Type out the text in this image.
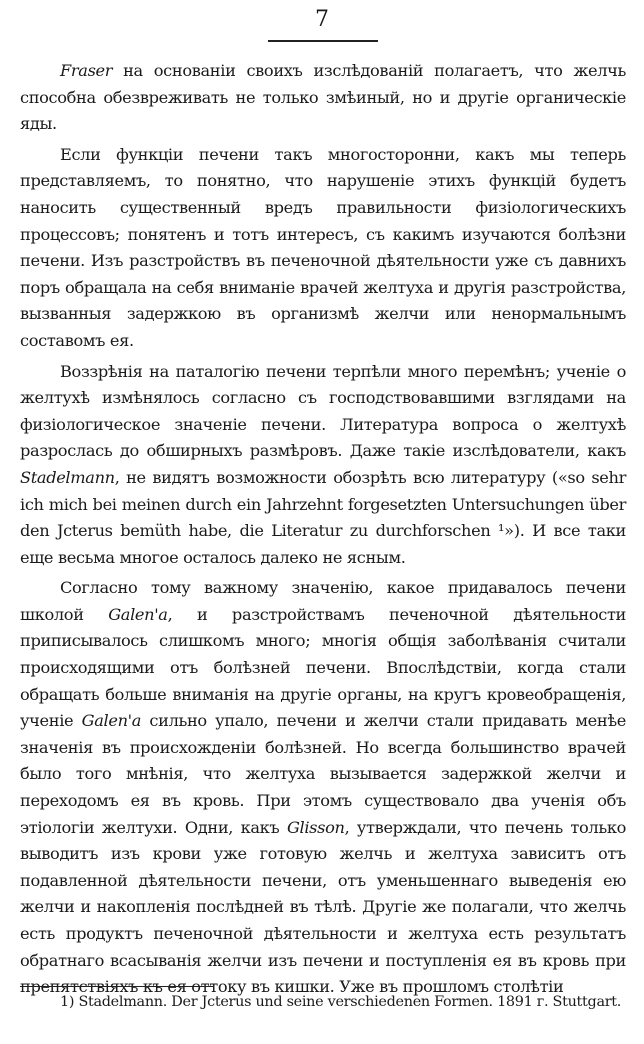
7

Fraser на основаніи своихъ изслѣдованій полагаетъ, что желчь способна обезвреживать не только змѣиный, но и другіе органическіе яды.

Если функціи печени такъ многосторонни, какъ мы теперь представляемъ, то понятно, что нарушеніе этихъ функцій будетъ наносить существенный вредъ правильности физіологическихъ процессовъ; понятенъ и тотъ интересъ, съ какимъ изучаются болѣзни печени. Изъ разстройствъ въ печеночной дѣятельности уже съ давнихъ поръ обращала на себя вниманіе врачей желтуха и другія разстройства, вызванныя задержкою въ организмѣ желчи или ненормальнымъ составомъ ея.

Воззрѣнія на паталогію печени терпѣли много перемѣнъ; ученіе о желтухѣ измѣнялось согласно съ господствовавшими взглядами на физіологическое значеніе печени. Литература вопроса о желтухѣ разрослась до обширныхъ размѣровъ. Даже такіе изслѣдователи, какъ Stadelmann, не видятъ возможности обозрѣть всю литературу («so sehr ich mich bei meinen durch ein Jahrzehnt forgesetzten Untersuchungen über den Jcterus bemüth habe, die Literatur zu durchforschen ¹»). И все таки еще весьма многое осталось далеко не ясным.

Согласно тому важному значенію, какое придавалось печени школой Galen'a, и разстройствамъ печеночной дѣятельности приписывалось слишкомъ много; многія общія заболѣванія считали происходящими отъ болѣзней печени. Впослѣдствіи, когда стали обращать больше вниманія на другіе органы, на кругъ кровеобращенія, ученіе Galen'a сильно упало, печени и желчи стали придавать менѣе значенія въ происхожденіи болѣзней. Но всегда большинство врачей было того мнѣнія, что желтуха вызывается задержкой желчи и переходомъ ея въ кровь. При этомъ существовало два ученія объ этіологіи желтухи. Одни, какъ Glisson, утверждали, что печень только выводитъ изъ крови уже готовую желчь и желтуха зависитъ отъ подавленной дѣятельности печени, отъ уменьшеннаго выведенія ею желчи и накопленія послѣдней въ тѣлѣ. Другіе же полагали, что желчь есть продуктъ печеночной дѣятельности и желтуха есть результатъ обратнаго всасыванія желчи изъ печени и поступленія ея въ кровь при препятствіяхъ къ ея оттоку въ кишки. Уже въ прошломъ столѣтіи

1) Stadelmann. Der Jcterus und seine verschiedenen Formen. 1891 г. Stuttgart.
